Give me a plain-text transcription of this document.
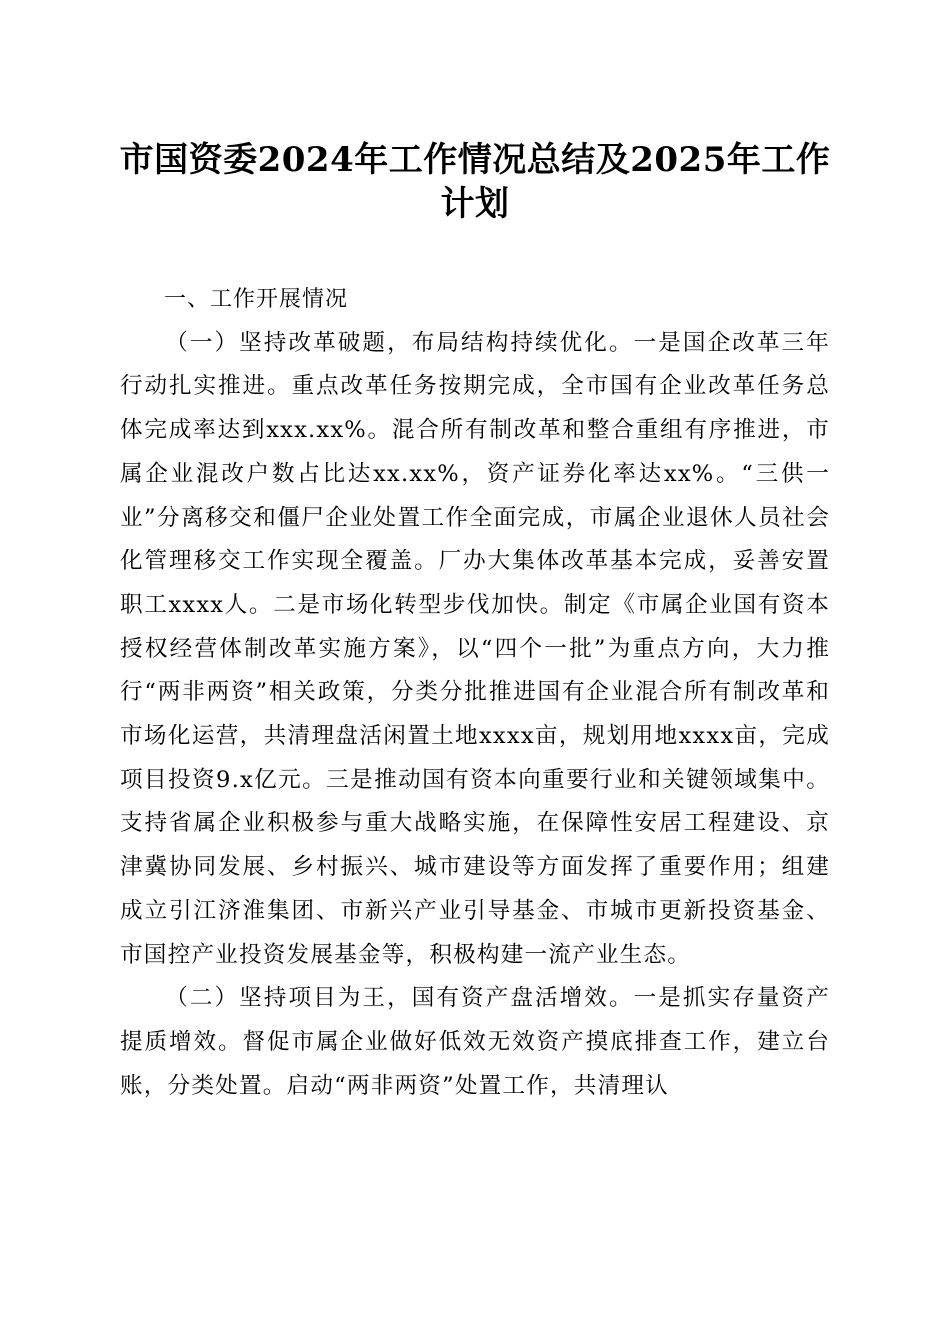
市国资委2024年工作情况总结及2025年工作计划

一、工作开展情况

（一）坚持改革破题，布局结构持续优化。一是国企改革三年行动扎实推进。重点改革任务按期完成，全市国有企业改革任务总体完成率达到xxx.xx%。混合所有制改革和整合重组有序推进，市属企业混改户数占比达xx.xx%，资产证券化率达xx%。“三供一业”分离移交和僵尸企业处置工作全面完成，市属企业退休人员社会化管理移交工作实现全覆盖。厂办大集体改革基本完成，妥善安置职工xxxx人。二是市场化转型步伐加快。制定《市属企业国有资本授权经营体制改革实施方案》，以“四个一批”为重点方向，大力推行“两非两资”相关政策，分类分批推进国有企业混合所有制改革和市场化运营，共清理盘活闲置土地xxxx亩，规划用地xxxx亩，完成项目投资9.x亿元。三是推动国有资本向重要行业和关键领域集中。支持省属企业积极参与重大战略实施，在保障性安居工程建设、京津冀协同发展、乡村振兴、城市建设等方面发挥了重要作用；组建成立引江济淮集团、市新兴产业引导基金、市城市更新投资基金、市国控产业投资发展基金等，积极构建一流产业生态。

（二）坚持项目为王，国有资产盘活增效。一是抓实存量资产提质增效。督促市属企业做好低效无效资产摸底排查工作，建立台账，分类处置。启动“两非两资”处置工作，共清理认
